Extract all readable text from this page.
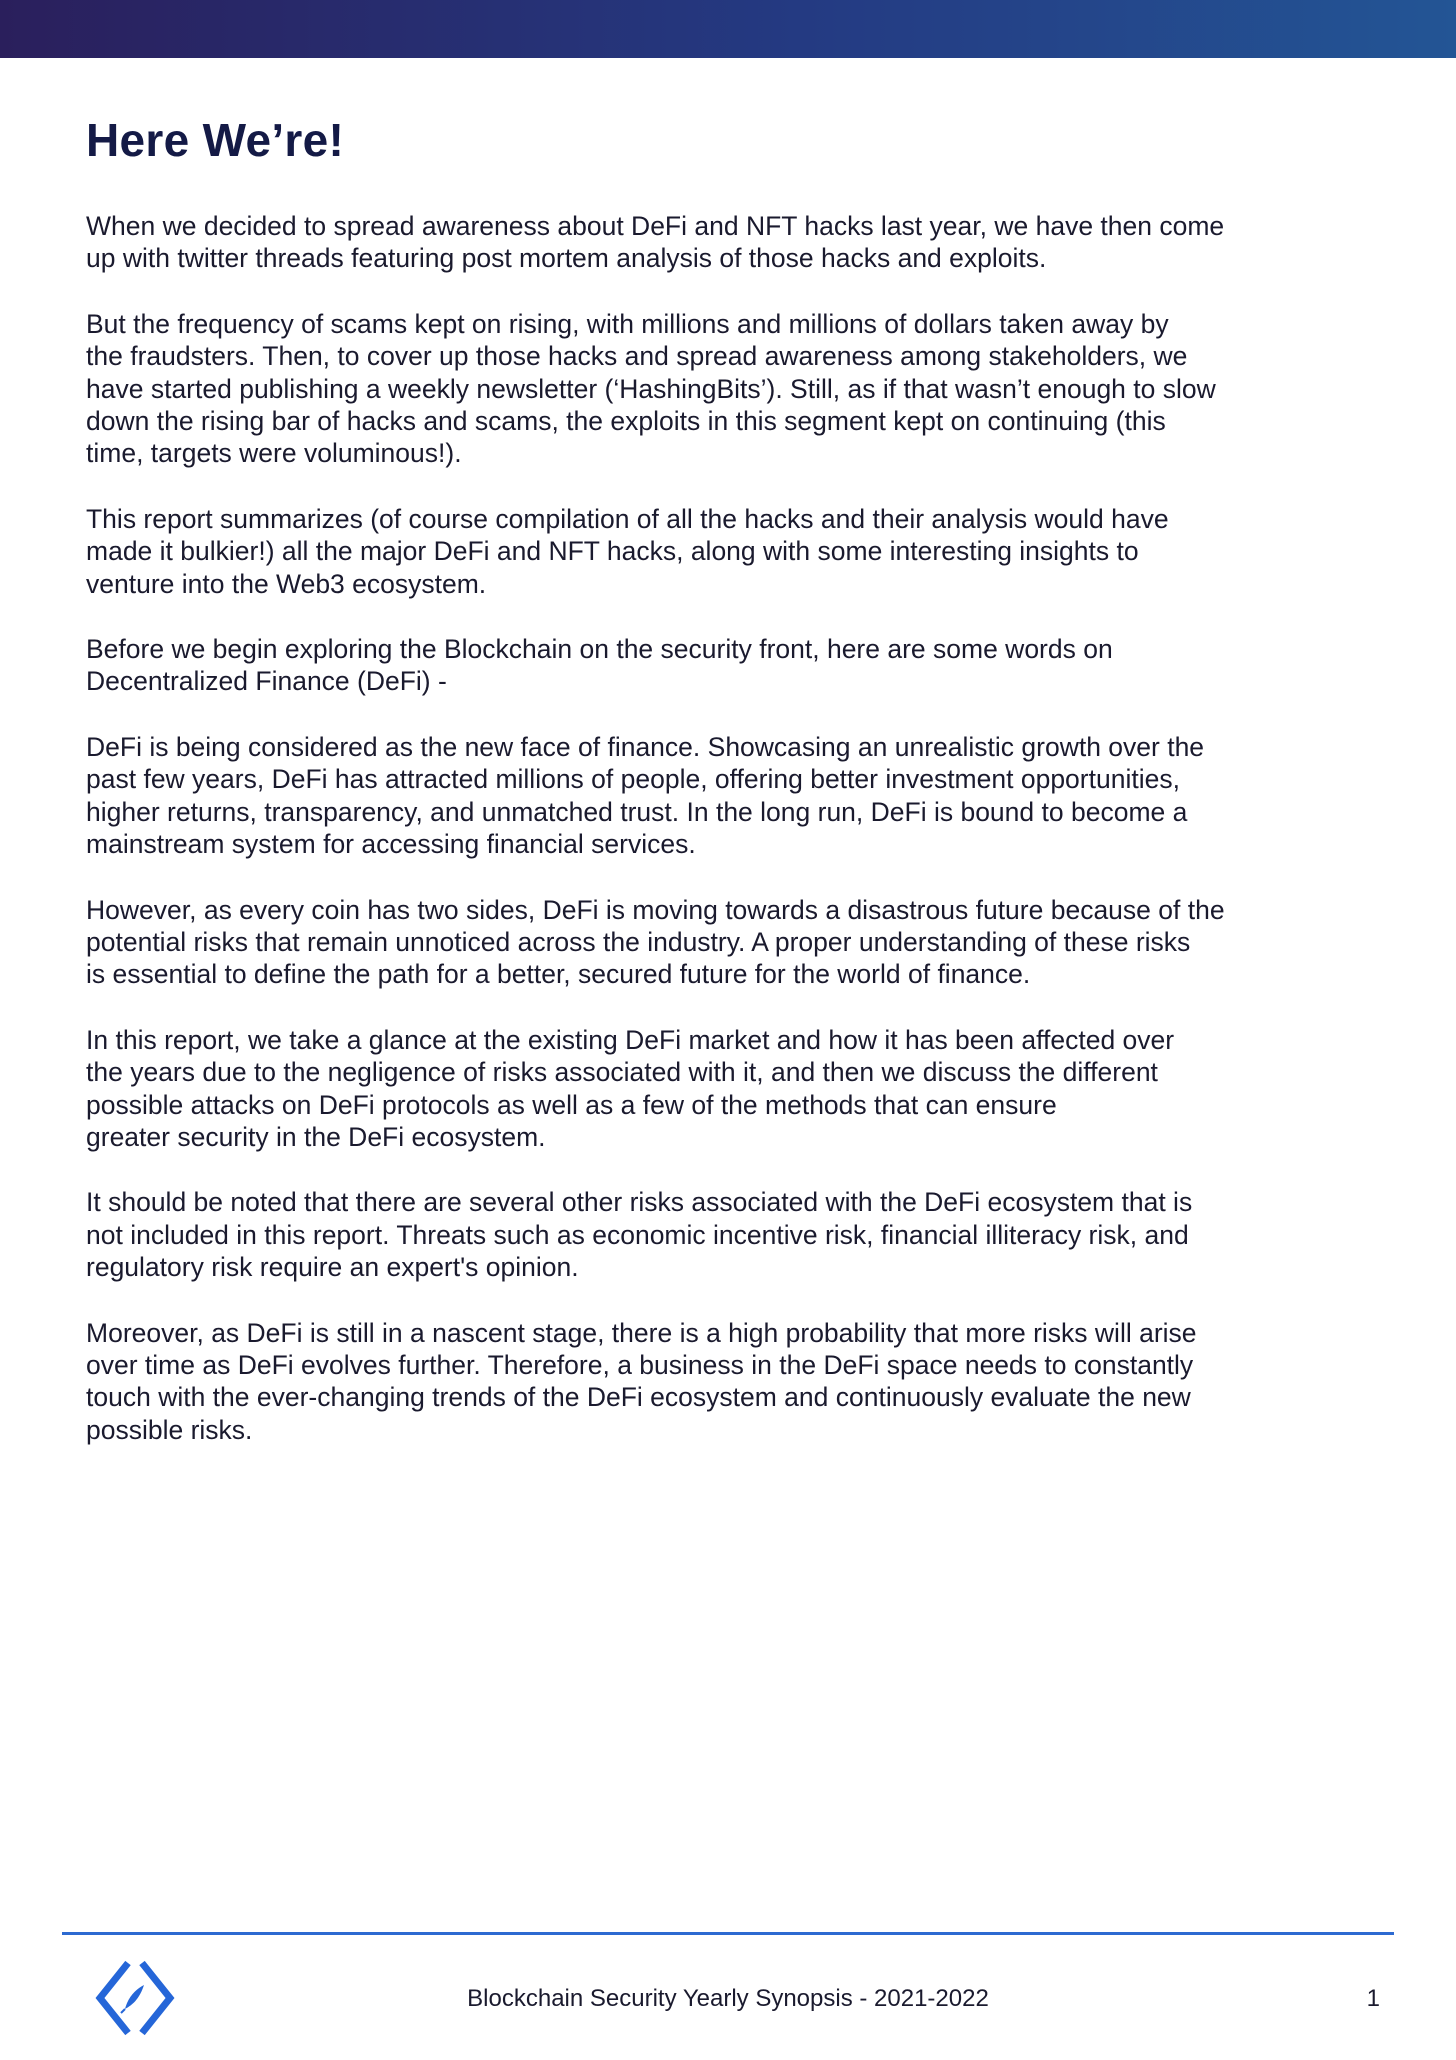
Here We’re!

When we decided to spread awareness about DeFi and NFT hacks last year, we have then come
up with twitter threads featuring post mortem analysis of those hacks and exploits.

But the frequency of scams kept on rising, with millions and millions of dollars taken away by
the fraudsters. Then, to cover up those hacks and spread awareness among stakeholders, we
have started publishing a weekly newsletter (‘HashingBits’). Still, as if that wasn’t enough to slow
down the rising bar of hacks and scams, the exploits in this segment kept on continuing (this
time, targets were voluminous!).

This report summarizes (of course compilation of all the hacks and their analysis would have
made it bulkier!) all the major DeFi and NFT hacks, along with some interesting insights to
venture into the Web3 ecosystem.

Before we begin exploring the Blockchain on the security front, here are some words on
Decentralized Finance (DeFi) -

DeFi is being considered as the new face of finance. Showcasing an unrealistic growth over the
past few years, DeFi has attracted millions of people, offering better investment opportunities,
higher returns, transparency, and unmatched trust. In the long run, DeFi is bound to become a
mainstream system for accessing financial services.

However, as every coin has two sides, DeFi is moving towards a disastrous future because of the
potential risks that remain unnoticed across the industry. A proper understanding of these risks
is essential to define the path for a better, secured future for the world of finance.

In this report, we take a glance at the existing DeFi market and how it has been affected over
the years due to the negligence of risks associated with it, and then we discuss the different
possible attacks on DeFi protocols as well as a few of the methods that can ensure
greater security in the DeFi ecosystem.

It should be noted that there are several other risks associated with the DeFi ecosystem that is
not included in this report. Threats such as economic incentive risk, financial illiteracy risk, and
regulatory risk require an expert's opinion.

Moreover, as DeFi is still in a nascent stage, there is a high probability that more risks will arise
over time as DeFi evolves further. Therefore, a business in the DeFi space needs to constantly
touch with the ever-changing trends of the DeFi ecosystem and continuously evaluate the new
possible risks.

Blockchain Security Yearly Synopsis - 2021-2022	1
